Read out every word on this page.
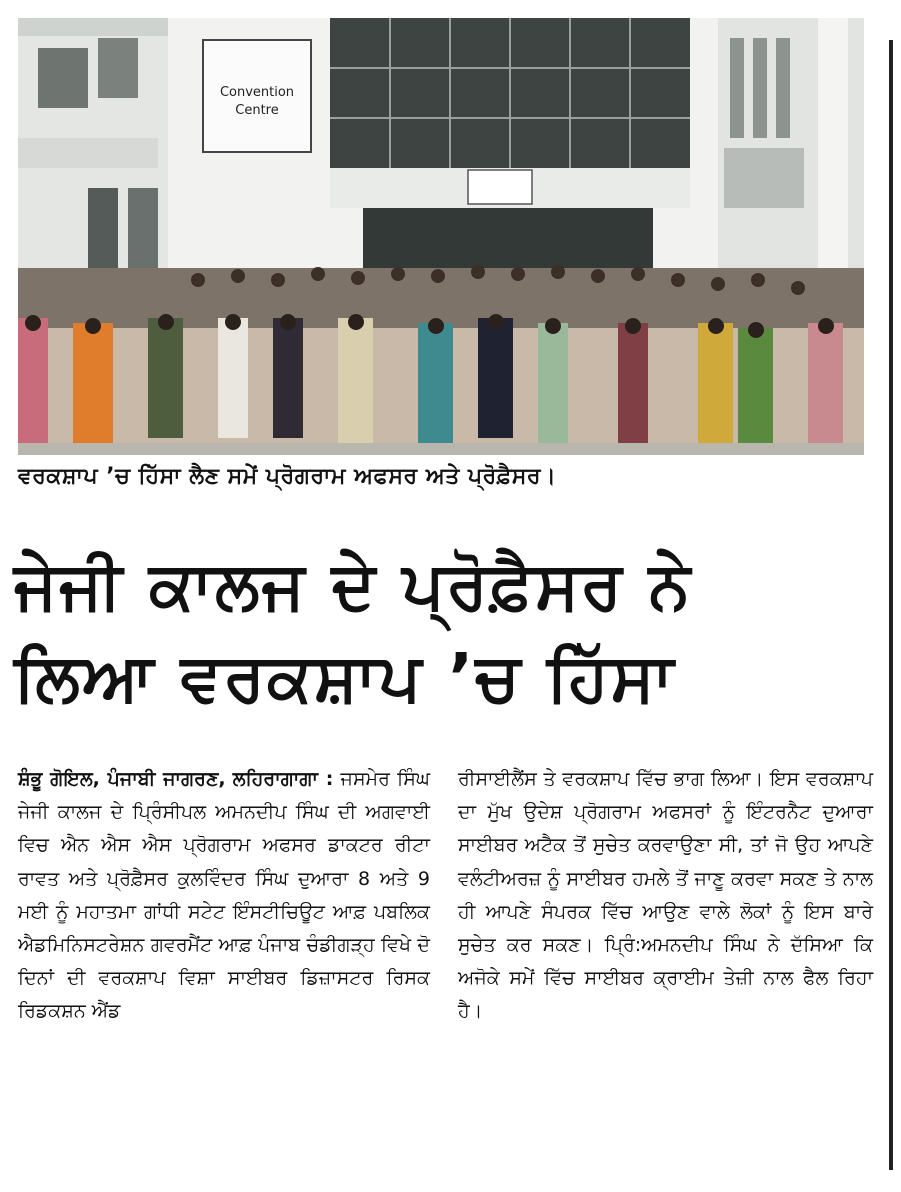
Convention
Centre
ਵਰਕਸ਼ਾਪ ’ਚ ਹਿੱਸਾ ਲੈਣ ਸਮੇਂ ਪ੍ਰੋਗਰਾਮ ਅਫਸਰ ਅਤੇ ਪ੍ਰੋਫ਼ੈਸਰ।
ਜੇਜੀ ਕਾਲਜ ਦੇ ਪ੍ਰੋਫ਼ੈਸਰ ਨੇ
ਲਿਆ ਵਰਕਸ਼ਾਪ ’ਚ ਹਿੱਸਾ

ਸ਼ੰਭੂ ਗੋਇਲ, ਪੰਜਾਬੀ ਜਾਗਰਣ, ਲਹਿਰਾਗਾਗਾ : ਜਸਮੇਰ ਸਿੰਘ ਜੇਜੀ ਕਾਲਜ ਦੇ ਪ੍ਰਿੰਸੀਪਲ ਅਮਨਦੀਪ ਸਿੰਘ ਦੀ ਅਗਵਾਈ ਵਿਚ ਐਨ ਐਸ ਐਸ ਪ੍ਰੋਗਰਾਮ ਅਫਸਰ ਡਾਕਟਰ ਰੀਟਾ ਰਾਵਤ ਅਤੇ ਪ੍ਰੋਫ਼ੈਸਰ ਕੁਲਵਿੰਦਰ ਸਿੰਘ ਦੁਆਰਾ 8 ਅਤੇ 9 ਮਈ ਨੂੰ ਮਹਾਤਮਾ ਗਾਂਧੀ ਸਟੇਟ ਇੰਸਟੀਚਿਊਟ ਆਫ਼ ਪਬਲਿਕ ਐਡਮਿਨਿਸਟਰੇਸ਼ਨ ਗਵਰਮੈਂਟ ਆਫ਼ ਪੰਜਾਬ ਚੰਡੀਗੜ੍ਹ ਵਿਖੇ ਦੋ ਦਿਨਾਂ ਦੀ ਵਰਕਸ਼ਾਪ ਵਿਸ਼ਾ ਸਾਈਬਰ ਡਿਜ਼ਾਸਟਰ ਰਿਸਕ ਰਿਡਕਸ਼ਨ ਐਂਡ

ਰੀਸਾਈਲੈਂਸ ਤੇ ਵਰਕਸ਼ਾਪ ਵਿੱਚ ਭਾਗ ਲਿਆ। ਇਸ ਵਰਕਸ਼ਾਪ ਦਾ ਮੁੱਖ ਉਦੇਸ਼ ਪ੍ਰੋਗਰਾਮ ਅਫਸਰਾਂ ਨੂੰ ਇੰਟਰਨੈਟ ਦੁਆਰਾ ਸਾਈਬਰ ਅਟੈਕ ਤੋਂ ਸੁਚੇਤ ਕਰਵਾਉਣਾ ਸੀ, ਤਾਂ ਜੋ ਉਹ ਆਪਣੇ ਵਲੰਟੀਅਰਜ਼ ਨੂੰ ਸਾਈਬਰ ਹਮਲੇ ਤੋਂ ਜਾਣੂ ਕਰਵਾ ਸਕਣ ਤੇ ਨਾਲ ਹੀ ਆਪਣੇ ਸੰਪਰਕ ਵਿੱਚ ਆਉਣ ਵਾਲੇ ਲੋਕਾਂ ਨੂੰ ਇਸ ਬਾਰੇ ਸੁਚੇਤ ਕਰ ਸਕਣ। ਪ੍ਰਿੰ:ਅਮਨਦੀਪ ਸਿੰਘ ਨੇ ਦੱਸਿਆ ਕਿ ਅਜੋਕੇ ਸਮੇਂ ਵਿੱਚ ਸਾਈਬਰ ਕ੍ਰਾਈਮ ਤੇਜ਼ੀ ਨਾਲ ਫੈਲ ਰਿਹਾ ਹੈ।
